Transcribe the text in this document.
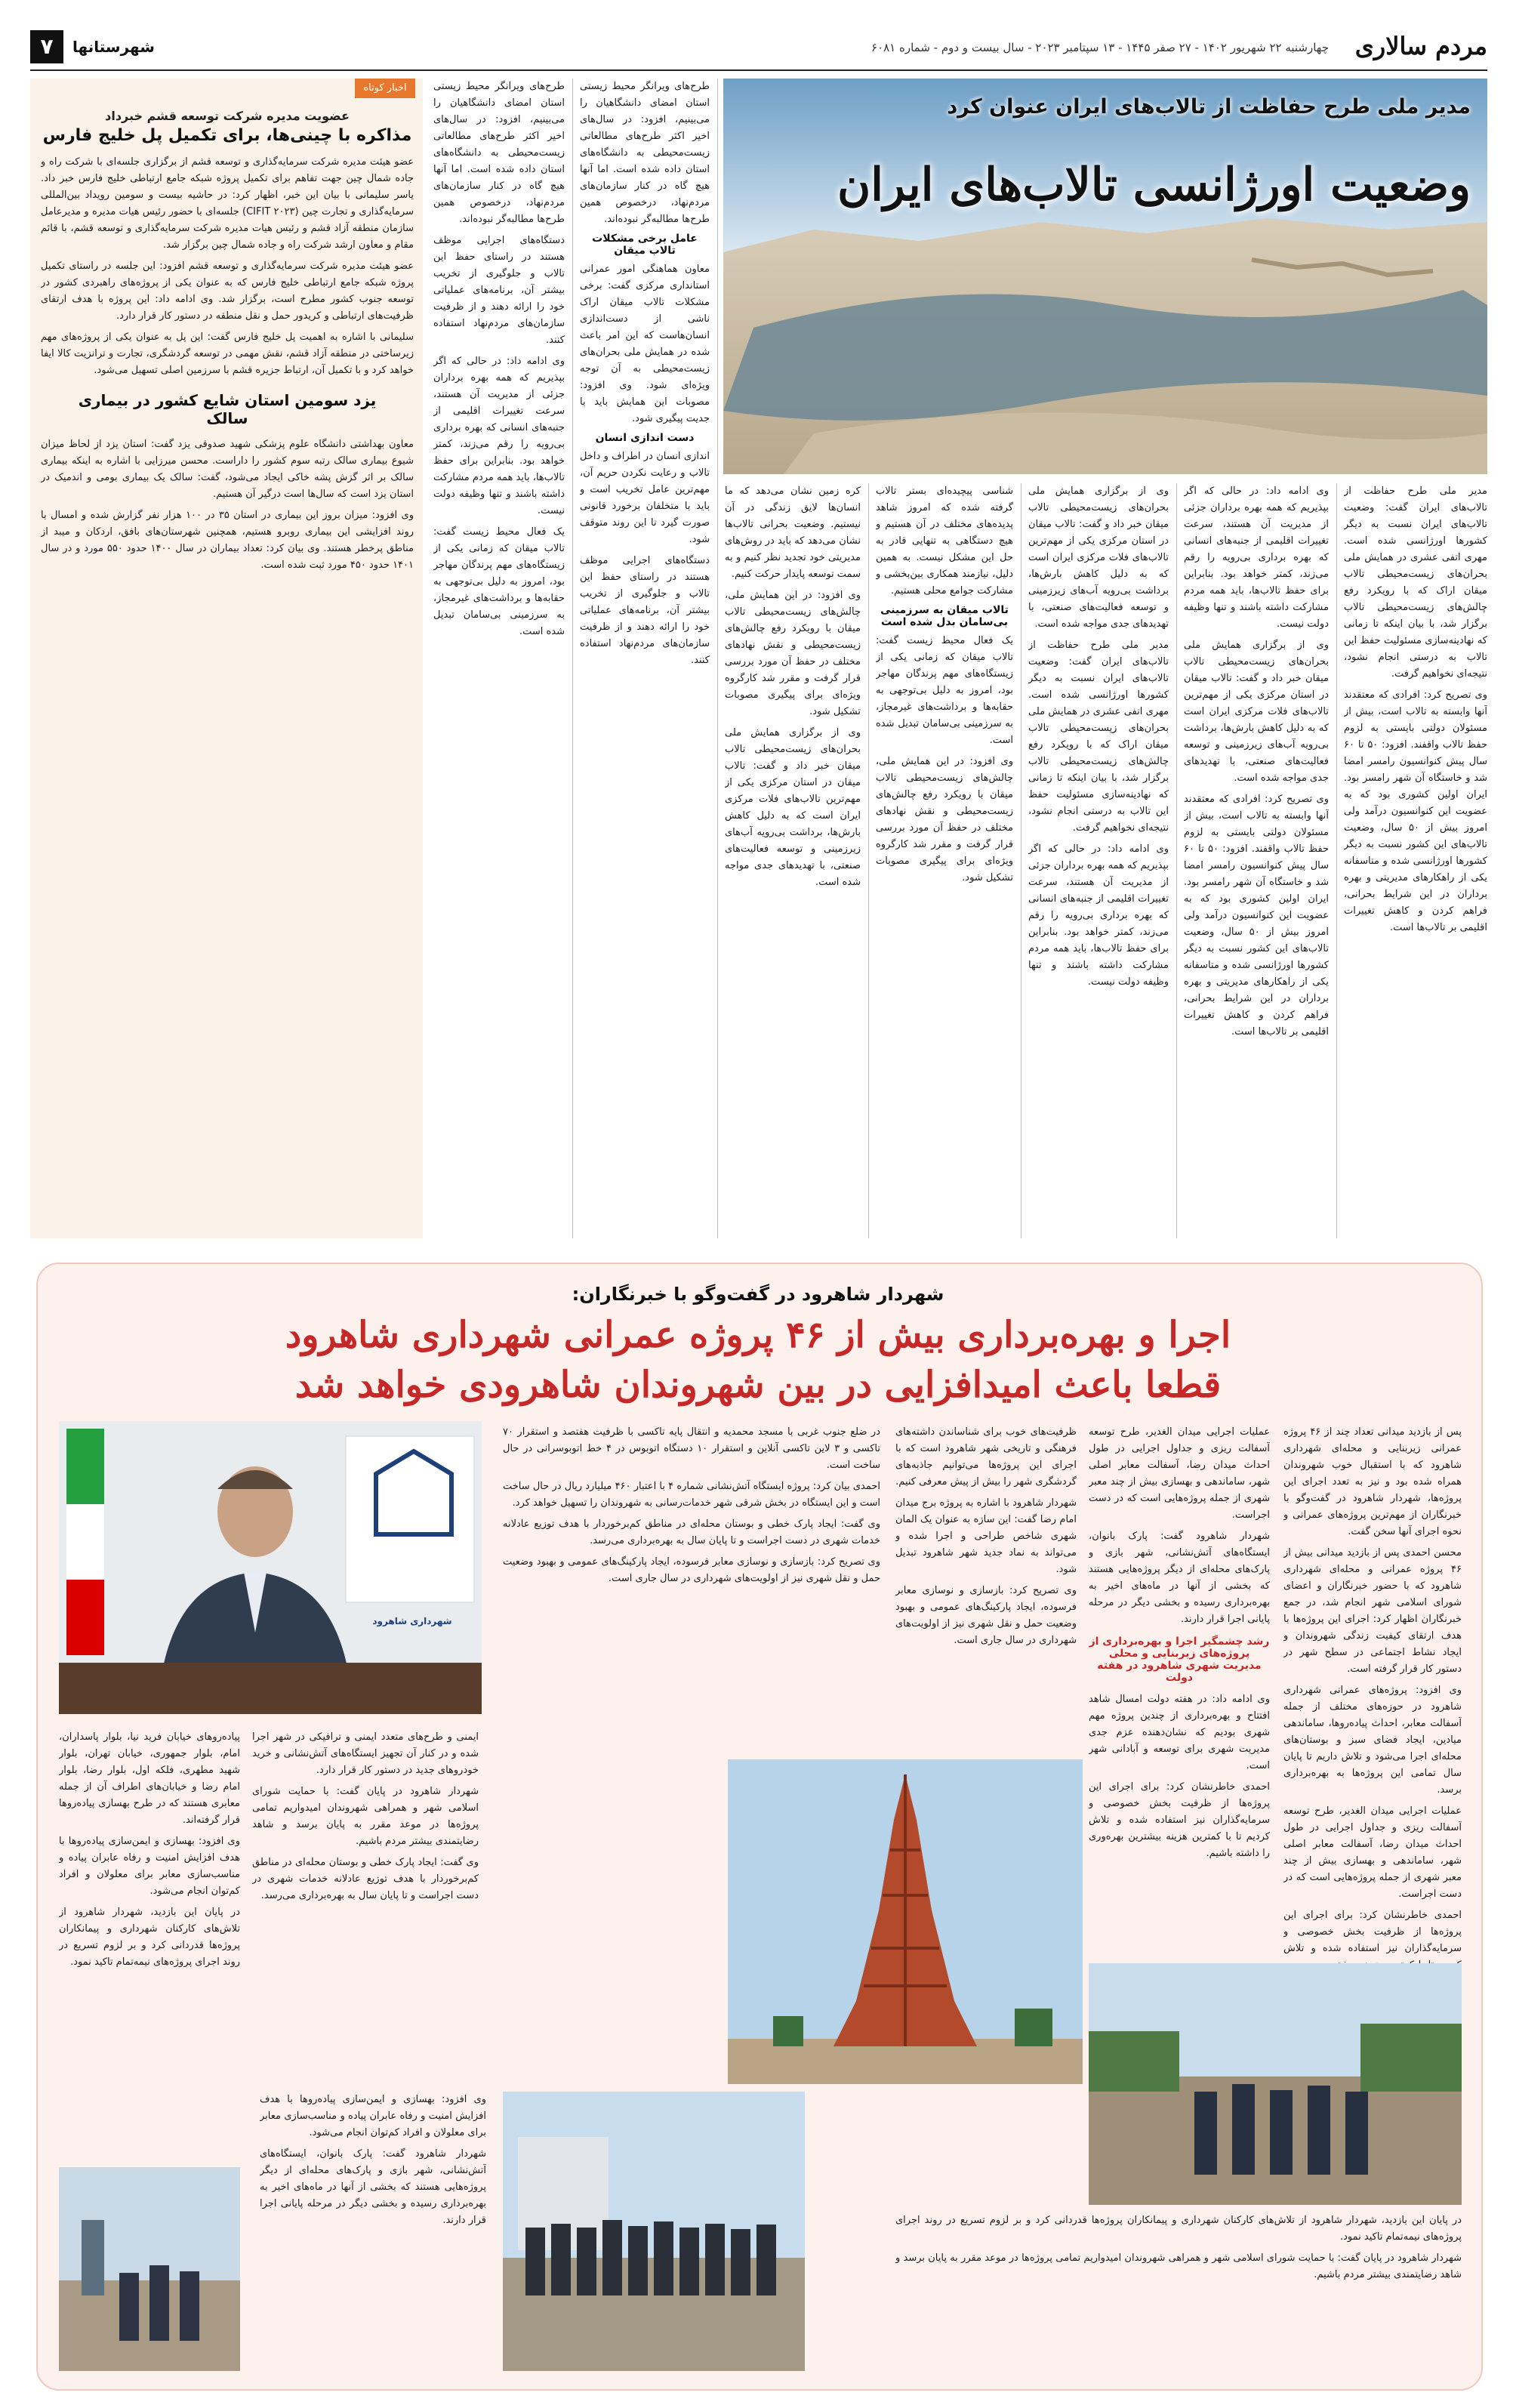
مردم سالاری
چهارشنبه ۲۲ شهریور ۱۴۰۲ - ۲۷ صفر ۱۴۴۵ - ۱۳ سپتامبر ۲۰۲۳ - سال بیست و دوم - شماره ۶۰۸۱
۷	شهرستانها
مدیر ملی طرح حفاظت از تالاب‌های ایران عنوان کرد
وضعیت اورژانسی تالاب‌های ایران

مدیر ملی طرح حفاظت از تالاب‌های ایران گفت: وضعیت تالاب‌های ایران نسبت به دیگر کشورها اورژانسی شده است. مهری اتفی عشری در همایش ملی بحران‌های زیست‌محیطی تالاب میقان اراک که با رویکرد رفع چالش‌های زیست‌محیطی تالاب برگزار شد، با بیان اینکه تا زمانی که نهادینه‌سازی مسئولیت حفظ این تالاب به درستی انجام نشود، نتیجه‌ای نخواهیم گرفت.

وی تصریح کرد: افرادی که معتقدند آنها وابسته به تالاب است، بیش از مسئولان دولتی بایستی به لزوم حفظ تالاب واقفند. افزود: ۵۰ تا ۶۰ سال پیش کنوانسیون رامسر امضا شد و خاستگاه آن شهر رامسر بود. ایران اولین کشوری بود که به عضویت این کنوانسیون درآمد ولی امروز بیش از ۵۰ سال، وضعیت تالاب‌های این کشور نسبت به دیگر کشورها اورژانسی شده و متاسفانه یکی از راهکارهای مدیریتی و بهره برداران در این شرایط بحرانی، فراهم کردن و کاهش تغییرات اقلیمی بر تالاب‌ها است.

وی ادامه داد: در حالی که اگر بپذیریم که همه بهره برداران جزئی از مدیریت آن هستند، سرعت تغییرات اقلیمی از جنبه‌های انسانی که بهره برداری بی‌رویه را رقم می‌زند، کمتر خواهد بود. بنابراین برای حفظ تالاب‌ها، باید همه مردم مشارکت داشته باشند و تنها وظیفه دولت نیست.

وی از برگزاری همایش ملی بحران‌های زیست‌محیطی تالاب میقان خبر داد و گفت: تالاب میقان در استان مرکزی یکی از مهم‌ترین تالاب‌های فلات مرکزی ایران است که به دلیل کاهش بارش‌ها، برداشت بی‌رویه آب‌های زیرزمینی و توسعه فعالیت‌های صنعتی، با تهدیدهای جدی مواجه شده است.

وی تصریح کرد: افرادی که معتقدند آنها وابسته به تالاب است، بیش از مسئولان دولتی بایستی به لزوم حفظ تالاب واقفند. افزود: ۵۰ تا ۶۰ سال پیش کنوانسیون رامسر امضا شد و خاستگاه آن شهر رامسر بود. ایران اولین کشوری بود که به عضویت این کنوانسیون درآمد ولی امروز بیش از ۵۰ سال، وضعیت تالاب‌های این کشور نسبت به دیگر کشورها اورژانسی شده و متاسفانه یکی از راهکارهای مدیریتی و بهره برداران در این شرایط بحرانی، فراهم کردن و کاهش تغییرات اقلیمی بر تالاب‌ها است.

وی از برگزاری همایش ملی بحران‌های زیست‌محیطی تالاب میقان خبر داد و گفت: تالاب میقان در استان مرکزی یکی از مهم‌ترین تالاب‌های فلات مرکزی ایران است که به دلیل کاهش بارش‌ها، برداشت بی‌رویه آب‌های زیرزمینی و توسعه فعالیت‌های صنعتی، با تهدیدهای جدی مواجه شده است.

مدیر ملی طرح حفاظت از تالاب‌های ایران گفت: وضعیت تالاب‌های ایران نسبت به دیگر کشورها اورژانسی شده است. مهری اتفی عشری در همایش ملی بحران‌های زیست‌محیطی تالاب میقان اراک که با رویکرد رفع چالش‌های زیست‌محیطی تالاب برگزار شد، با بیان اینکه تا زمانی که نهادینه‌سازی مسئولیت حفظ این تالاب به درستی انجام نشود، نتیجه‌ای نخواهیم گرفت.

وی ادامه داد: در حالی که اگر بپذیریم که همه بهره برداران جزئی از مدیریت آن هستند، سرعت تغییرات اقلیمی از جنبه‌های انسانی که بهره برداری بی‌رویه را رقم می‌زند، کمتر خواهد بود. بنابراین برای حفظ تالاب‌ها، باید همه مردم مشارکت داشته باشند و تنها وظیفه دولت نیست.

شناسی پیچیده‌ای بستر تالاب گرفته شده که امروز شاهد پدیده‌های مختلف در آن هستیم و هیچ دستگاهی به تنهایی قادر به حل این مشکل نیست. به همین دلیل، نیازمند همکاری بین‌بخشی و مشارکت جوامع محلی هستیم.

تالاب میقان به سرزمینی بی‌سامان بدل شده است

یک فعال محیط زیست گفت: تالاب میقان که زمانی یکی از زیستگاه‌های مهم پرندگان مهاجر بود، امروز به دلیل بی‌توجهی به حقابه‌ها و برداشت‌های غیرمجاز، به سرزمینی بی‌سامان تبدیل شده است.

وی افزود: در این همایش ملی، چالش‌های زیست‌محیطی تالاب میقان با رویکرد رفع چالش‌های زیست‌محیطی و نقش نهادهای مختلف در حفظ آن مورد بررسی قرار گرفت و مقرر شد کارگروه ویژه‌ای برای پیگیری مصوبات تشکیل شود.

کره زمین نشان می‌دهد که ما انسان‌ها لایق زندگی در آن نیستیم. وضعیت بحرانی تالاب‌ها نشان می‌دهد که باید در روش‌های مدیریتی خود تجدید نظر کنیم و به سمت توسعه پایدار حرکت کنیم.

وی افزود: در این همایش ملی، چالش‌های زیست‌محیطی تالاب میقان با رویکرد رفع چالش‌های زیست‌محیطی و نقش نهادهای مختلف در حفظ آن مورد بررسی قرار گرفت و مقرر شد کارگروه ویژه‌ای برای پیگیری مصوبات تشکیل شود.

وی از برگزاری همایش ملی بحران‌های زیست‌محیطی تالاب میقان خبر داد و گفت: تالاب میقان در استان مرکزی یکی از مهم‌ترین تالاب‌های فلات مرکزی ایران است که به دلیل کاهش بارش‌ها، برداشت بی‌رویه آب‌های زیرزمینی و توسعه فعالیت‌های صنعتی، با تهدیدهای جدی مواجه شده است.

طرح‌های ویرانگر محیط زیستی استان امضای دانشگاهیان را می‌بینیم، افزود: در سال‌های اخیر اکثر طرح‌های مطالعاتی زیست‌محیطی به دانشگاه‌های استان داده شده است. اما آنها هیچ گاه در کنار سازمان‌های مردم‌نهاد، درخصوص همین طرح‌ها مطالبه‌گر نبوده‌اند.

عامل برخی مشکلات تالاب میقان

معاون هماهنگی امور عمرانی استانداری مرکزی گفت: برخی مشکلات تالاب میقان اراک ناشی از دست‌اندازی انسان‌هاست که این امر باعث شده در همایش ملی بحران‌های زیست‌محیطی به آن توجه ویژه‌ای شود. وی افزود: مصوبات این همایش باید با جدیت پیگیری شود.

دست اندازی انسان

اندازی انسان در اطراف و داخل تالاب و رعایت نکردن حریم آن، مهم‌ترین عامل تخریب است و باید با متخلفان برخورد قانونی صورت گیرد تا این روند متوقف شود.

دستگاه‌های اجرایی موظف هستند در راستای حفظ این تالاب و جلوگیری از تخریب بیشتر آن، برنامه‌های عملیاتی خود را ارائه دهند و از ظرفیت سازمان‌های مردم‌نهاد استفاده کنند.

طرح‌های ویرانگر محیط زیستی استان امضای دانشگاهیان را می‌بینیم، افزود: در سال‌های اخیر اکثر طرح‌های مطالعاتی زیست‌محیطی به دانشگاه‌های استان داده شده است. اما آنها هیچ گاه در کنار سازمان‌های مردم‌نهاد، درخصوص همین طرح‌ها مطالبه‌گر نبوده‌اند.

دستگاه‌های اجرایی موظف هستند در راستای حفظ این تالاب و جلوگیری از تخریب بیشتر آن، برنامه‌های عملیاتی خود را ارائه دهند و از ظرفیت سازمان‌های مردم‌نهاد استفاده کنند.

وی ادامه داد: در حالی که اگر بپذیریم که همه بهره برداران جزئی از مدیریت آن هستند، سرعت تغییرات اقلیمی از جنبه‌های انسانی که بهره برداری بی‌رویه را رقم می‌زند، کمتر خواهد بود. بنابراین برای حفظ تالاب‌ها، باید همه مردم مشارکت داشته باشند و تنها وظیفه دولت نیست.

یک فعال محیط زیست گفت: تالاب میقان که زمانی یکی از زیستگاه‌های مهم پرندگان مهاجر بود، امروز به دلیل بی‌توجهی به حقابه‌ها و برداشت‌های غیرمجاز، به سرزمینی بی‌سامان تبدیل شده است.

اخبار کوتاه
عضویت مدیره شرکت توسعه قشم خبرداد
مذاکره با چینی‌ها، برای تکمیل پل خلیج فارس

عضو هیئت مدیره شرکت سرمایه‌گذاری و توسعه قشم از برگزاری جلسه‌ای با شرکت راه و جاده شمال چین جهت تفاهم برای تکمیل پروژه شبکه جامع ارتباطی خلیج فارس خبر داد. یاسر سلیمانی با بیان این خبر، اظهار کرد: در حاشیه بیست و سومین رویداد بین‌المللی سرمایه‌گذاری و تجارت چین (CIFIT ۲۰۲۳) جلسه‌ای با حضور رئیس هیات مدیره و مدیرعامل سازمان منطقه آزاد قشم و رئیس هیات مدیره شرکت سرمایه‌گذاری و توسعه قشم، با قائم مقام و معاون ارشد شرکت راه و جاده شمال چین برگزار شد.

عضو هیئت مدیره شرکت سرمایه‌گذاری و توسعه قشم افزود: این جلسه در راستای تکمیل پروژه شبکه جامع ارتباطی خلیج فارس که به عنوان یکی از پروژه‌های راهبردی کشور در توسعه جنوب کشور مطرح است، برگزار شد. وی ادامه داد: این پروژه با هدف ارتقای ظرفیت‌های ارتباطی و کریدور حمل و نقل منطقه در دستور کار قرار دارد.

سلیمانی با اشاره به اهمیت پل خلیج فارس گفت: این پل به عنوان یکی از پروژه‌های مهم زیرساختی در منطقه آزاد قشم، نقش مهمی در توسعه گردشگری، تجارت و ترانزیت کالا ایفا خواهد کرد و با تکمیل آن، ارتباط جزیره قشم با سرزمین اصلی تسهیل می‌شود.

یزد سومین استان شایع کشور در بیماری سالک

معاون بهداشتی دانشگاه علوم پزشکی شهید صدوقی یزد گفت: استان یزد از لحاظ میزان شیوع بیماری سالک رتبه سوم کشور را داراست. محسن میرزایی با اشاره به اینکه بیماری سالک بر اثر گزش پشه خاکی ایجاد می‌شود، گفت: سالک یک بیماری بومی و اندمیک در استان یزد است که سال‌ها است درگیر آن هستیم.

وی افزود: میزان بروز این بیماری در استان ۳۵ در ۱۰۰ هزار نفر گزارش شده و امسال با روند افزایشی این بیماری روبرو هستیم، همچنین شهرستان‌های بافق، اردکان و میبد از مناطق پرخطر هستند. وی بیان کرد: تعداد بیماران در سال ۱۴۰۰ حدود ۵۵۰ مورد و در سال ۱۴۰۱ حدود ۴۵۰ مورد ثبت شده است.

شهردار شاهرود در گفت‌وگو با خبرنگاران:
اجرا و بهره‌برداری بیش از ۴۶ پروژه عمرانی شهرداری شاهرود
قطعا باعث امیدافزایی در بین شهروندان شاهرودی خواهد شد
شهرداری شاهرود

پس از بازدید میدانی تعداد چند از ۴۶ پروژه عمرانی زیربنایی و محله‌ای شهرداری شاهرود که با استقبال خوب شهروندان همراه شده بود و نیز به تعدد اجرای این پروژه‌ها، شهردار شاهرود در گفت‌وگو با خبرنگاران از مهم‌ترین پروژه‌های عمرانی و نحوه اجرای آنها سخن گفت.

محسن احمدی پس از بازدید میدانی بیش از ۴۶ پروژه عمرانی و محله‌ای شهرداری شاهرود که با حضور خبرنگاران و اعضای شورای اسلامی شهر انجام شد، در جمع خبرنگاران اظهار کرد: اجرای این پروژه‌ها با هدف ارتقای کیفیت زندگی شهروندان و ایجاد نشاط اجتماعی در سطح شهر در دستور کار قرار گرفته است.

وی افزود: پروژه‌های عمرانی شهرداری شاهرود در حوزه‌های مختلف از جمله آسفالت معابر، احداث پیاده‌روها، ساماندهی میادین، ایجاد فضای سبز و بوستان‌های محله‌ای اجرا می‌شود و تلاش داریم تا پایان سال تمامی این پروژه‌ها به بهره‌برداری برسد.

عملیات اجرایی میدان الغدیر، طرح توسعه آسفالت ریزی و جداول اجرایی در طول احداث میدان رضا، آسفالت معابر اصلی شهر، ساماندهی و بهسازی بیش از چند معبر شهری از جمله پروژه‌هایی است که در دست اجراست.

احمدی خاطرنشان کرد: برای اجرای این پروژه‌ها از ظرفیت بخش خصوصی و سرمایه‌گذاران نیز استفاده شده و تلاش

عملیات اجرایی میدان الغدیر، طرح توسعه آسفالت ریزی و جداول اجرایی در طول احداث میدان رضا، آسفالت معابر اصلی شهر، ساماندهی و بهسازی بیش از چند معبر شهری از جمله پروژه‌هایی است که در دست اجراست.

شهردار شاهرود گفت: پارک بانوان، ایستگاه‌های آتش‌نشانی، شهر بازی و پارک‌های محله‌ای از دیگر پروژه‌هایی هستند که بخشی از آنها در ماه‌های اخیر به بهره‌برداری رسیده و بخشی دیگر در مرحله پایانی اجرا قرار دارند.

رشد چشمگیر اجرا و بهره‌برداری از پروژه‌های زیربنایی و محلی مدیریت شهری شاهرود در هفته دولت

وی ادامه داد: در هفته دولت امسال شاهد افتتاح و بهره‌برداری از چندین پروژه مهم شهری بودیم که نشان‌دهنده عزم جدی مدیریت شهری برای توسعه و آبادانی شهر است.

احمدی خاطرنشان کرد: برای اجرای این پروژه‌ها از ظرفیت بخش خصوصی و سرمایه‌گذاران نیز استفاده شده و تلاش کردیم تا با کمترین هزینه بیشترین بهره‌وری را داشته باشیم.

ظرفیت‌های خوب برای شناساندن داشته‌های فرهنگی و تاریخی شهر شاهرود است که با اجرای این پروژه‌ها می‌توانیم جاذبه‌های گردشگری شهر را بیش از پیش معرفی کنیم.

شهردار شاهرود با اشاره به پروژه برج میدان امام رضا گفت: این سازه به عنوان یک المان شهری شاخص طراحی و اجرا شده و می‌تواند به نماد جدید شهر شاهرود تبدیل شود.

وی تصریح کرد: بازسازی و نوسازی معابر فرسوده، ایجاد پارکینگ‌های عمومی و بهبود وضعیت حمل و نقل شهری نیز از اولویت‌های شهرداری در سال جاری است.

در ضلع جنوب غربی با مسجد محمدیه و انتقال پایه تاکسی با ظرفیت هفتصد و استقرار ۷۰ تاکسی و ۳ لاین تاکسی آنلاین و استقرار ۱۰ دستگاه اتوبوس در ۴ خط اتوبوسرانی در حال ساخت است.

احمدی بیان کرد: پروژه ایستگاه آتش‌نشانی شماره ۴ با اعتبار ۴۶۰ میلیارد ریال در حال ساخت است و این ایستگاه در بخش شرقی شهر خدمات‌رسانی به شهروندان را تسهیل خواهد کرد.

وی گفت: ایجاد پارک خطی و بوستان محله‌ای در مناطق کم‌برخوردار با هدف توزیع عادلانه خدمات شهری در دست اجراست و تا پایان سال به بهره‌برداری می‌رسد.

وی تصریح کرد: بازسازی و نوسازی معابر فرسوده، ایجاد پارکینگ‌های عمومی و بهبود وضعیت حمل و نقل شهری نیز از اولویت‌های شهرداری در سال جاری است.

ایمنی و طرح‌های متعدد ایمنی و ترافیکی در شهر اجرا شده و در کنار آن تجهیز ایستگاه‌های آتش‌نشانی و خرید خودروهای جدید در دستور کار قرار دارد.

شهردار شاهرود در پایان گفت: با حمایت شورای اسلامی شهر و همراهی شهروندان امیدواریم تمامی پروژه‌ها در موعد مقرر به پایان برسد و شاهد رضایتمندی بیشتر مردم باشیم.

وی گفت: ایجاد پارک خطی و بوستان محله‌ای در مناطق کم‌برخوردار با هدف توزیع عادلانه خدمات شهری در دست اجراست و تا پایان سال به بهره‌برداری می‌رسد.

پیاده‌روهای خیابان فرید نیا، بلوار پاسداران، امام، بلوار جمهوری، خیابان تهران، بلوار شهید مطهری، فلکه اول، بلوار رضا، بلوار امام رضا و خیابان‌های اطراف آن از جمله معابری هستند که در طرح بهسازی پیاده‌روها قرار گرفته‌اند.

وی افزود: بهسازی و ایمن‌سازی پیاده‌روها با هدف افزایش امنیت و رفاه عابران پیاده و مناسب‌سازی معابر برای معلولان و افراد کم‌توان انجام می‌شود.

در پایان این بازدید، شهردار شاهرود از تلاش‌های کارکنان شهرداری و پیمانکاران پروژه‌ها قدردانی کرد و بر لزوم تسریع در روند اجرای پروژه‌های نیمه‌تمام تاکید نمود.

در پایان این بازدید، شهردار شاهرود از تلاش‌های کارکنان شهرداری و پیمانکاران پروژه‌ها قدردانی کرد و بر لزوم تسریع در روند اجرای پروژه‌های نیمه‌تمام تاکید نمود.

شهردار شاهرود در پایان گفت: با حمایت شورای اسلامی شهر و همراهی شهروندان امیدواریم تمامی پروژه‌ها در موعد مقرر به پایان برسد و شاهد رضایتمندی بیشتر مردم باشیم.

وی افزود: بهسازی و ایمن‌سازی پیاده‌روها با هدف افزایش امنیت و رفاه عابران پیاده و مناسب‌سازی معابر برای معلولان و افراد کم‌توان انجام می‌شود.

شهردار شاهرود گفت: پارک بانوان، ایستگاه‌های آتش‌نشانی، شهر بازی و پارک‌های محله‌ای از دیگر پروژه‌هایی هستند که بخشی از آنها در ماه‌های اخیر به بهره‌برداری رسیده و بخشی دیگر در مرحله پایانی اجرا قرار دارند.
